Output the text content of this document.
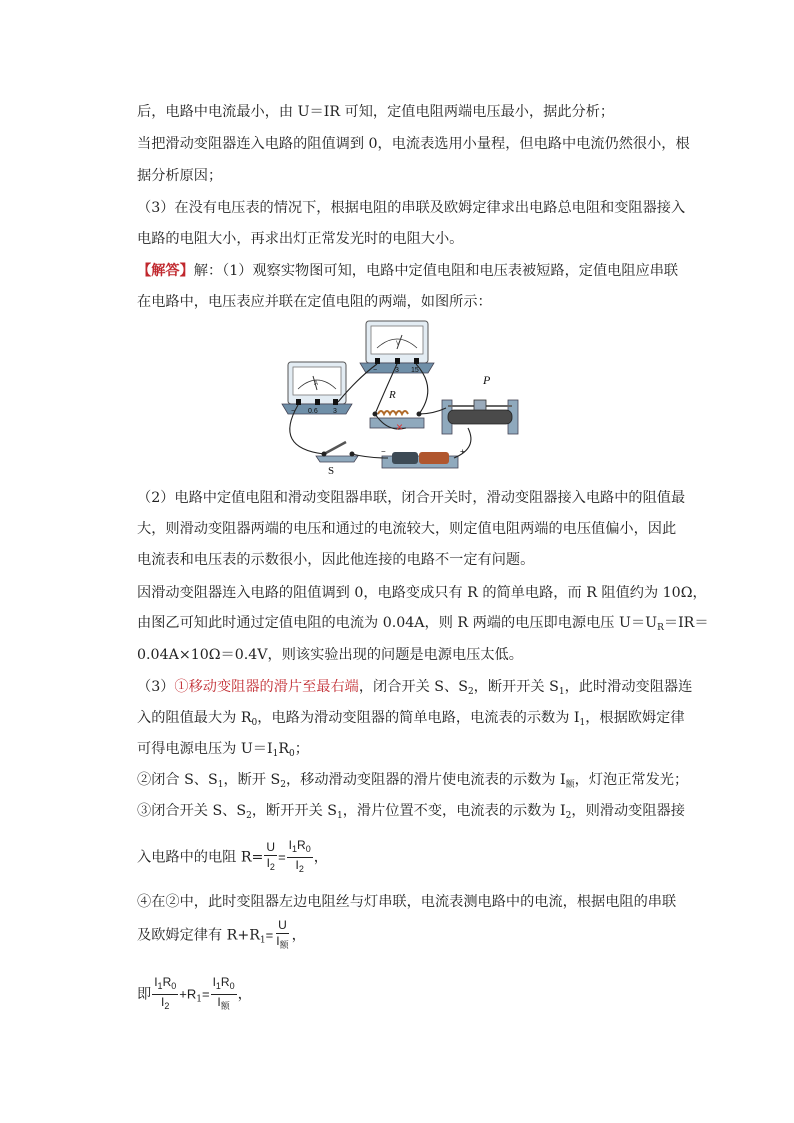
后，电路中电流最小，由 U＝IR 可知，定值电阻两端电压最小，据此分析；
当把滑动变阻器连入电路的阻值调到 0，电流表选用小量程，但电路中电流仍然很小，根
据分析原因；
（3）在没有电压表的情况下，根据电阻的串联及欧姆定律求出电路总电阻和变阻器接入
电路的电阻大小，再求出灯正常发光时的电阻大小。
【解答】解：（1）观察实物图可知，电路中定值电阻和电压表被短路，定值电阻应串联
在电路中，电压表应并联在定值电阻的两端，如图所示：
V
−	3 15
A
− 0.6 3
R
P
S
−	+
×
（2）电路中定值电阻和滑动变阻器串联，闭合开关时，滑动变阻器接入电路中的阻值最
大，则滑动变阻器两端的电压和通过的电流较大，则定值电阻两端的电压值偏小，因此
电流表和电压表的示数很小，因此他连接的电路不一定有问题。
因滑动变阻器连入电路的阻值调到 0，电路变成只有 R 的简单电路，而 R 阻值约为 10Ω，
由图乙可知此时通过定值电阻的电流为 0.04A，则 R 两端的电压即电源电压 $U=U_R=IR=$
0.04A×10Ω＝0.4V，则该实验出现的问题是电源电压太低。
（3）①移动变阻器的滑片至最右端，闭合开关 S、$S_2$，断开开关 $S_1$，此时滑动变阻器连
入的阻值最大为 $R_0$，电路为滑动变阻器的简单电路，电流表的示数为 $I_1$，根据欧姆定律
可得电源电压为 $U=I_1R_0$；
②闭合 S、$S_1$，断开 $S_2$，移动滑动变阻器的滑片使电流表的示数为 $I_额$，灯泡正常发光；
③闭合开关 S、$S_2$，断开开关 $S_1$，滑片位置不变，电流表的示数为 $I_2$，则滑动变阻器接
入电路中的电阻 $R= \frac{U}{I_2} = \frac{I_1R_0}{I_2}$ ，
④在②中，此时变阻器左边电阻丝与灯串联，电流表测电路中的电流，根据电阻的串联
及欧姆定律有 $R+R_1= \frac{U}{I_额}$ ，
即 $\frac{I_1R_0}{I_2} +R_1= \frac{I_1R_0}{I_额}$ ，
